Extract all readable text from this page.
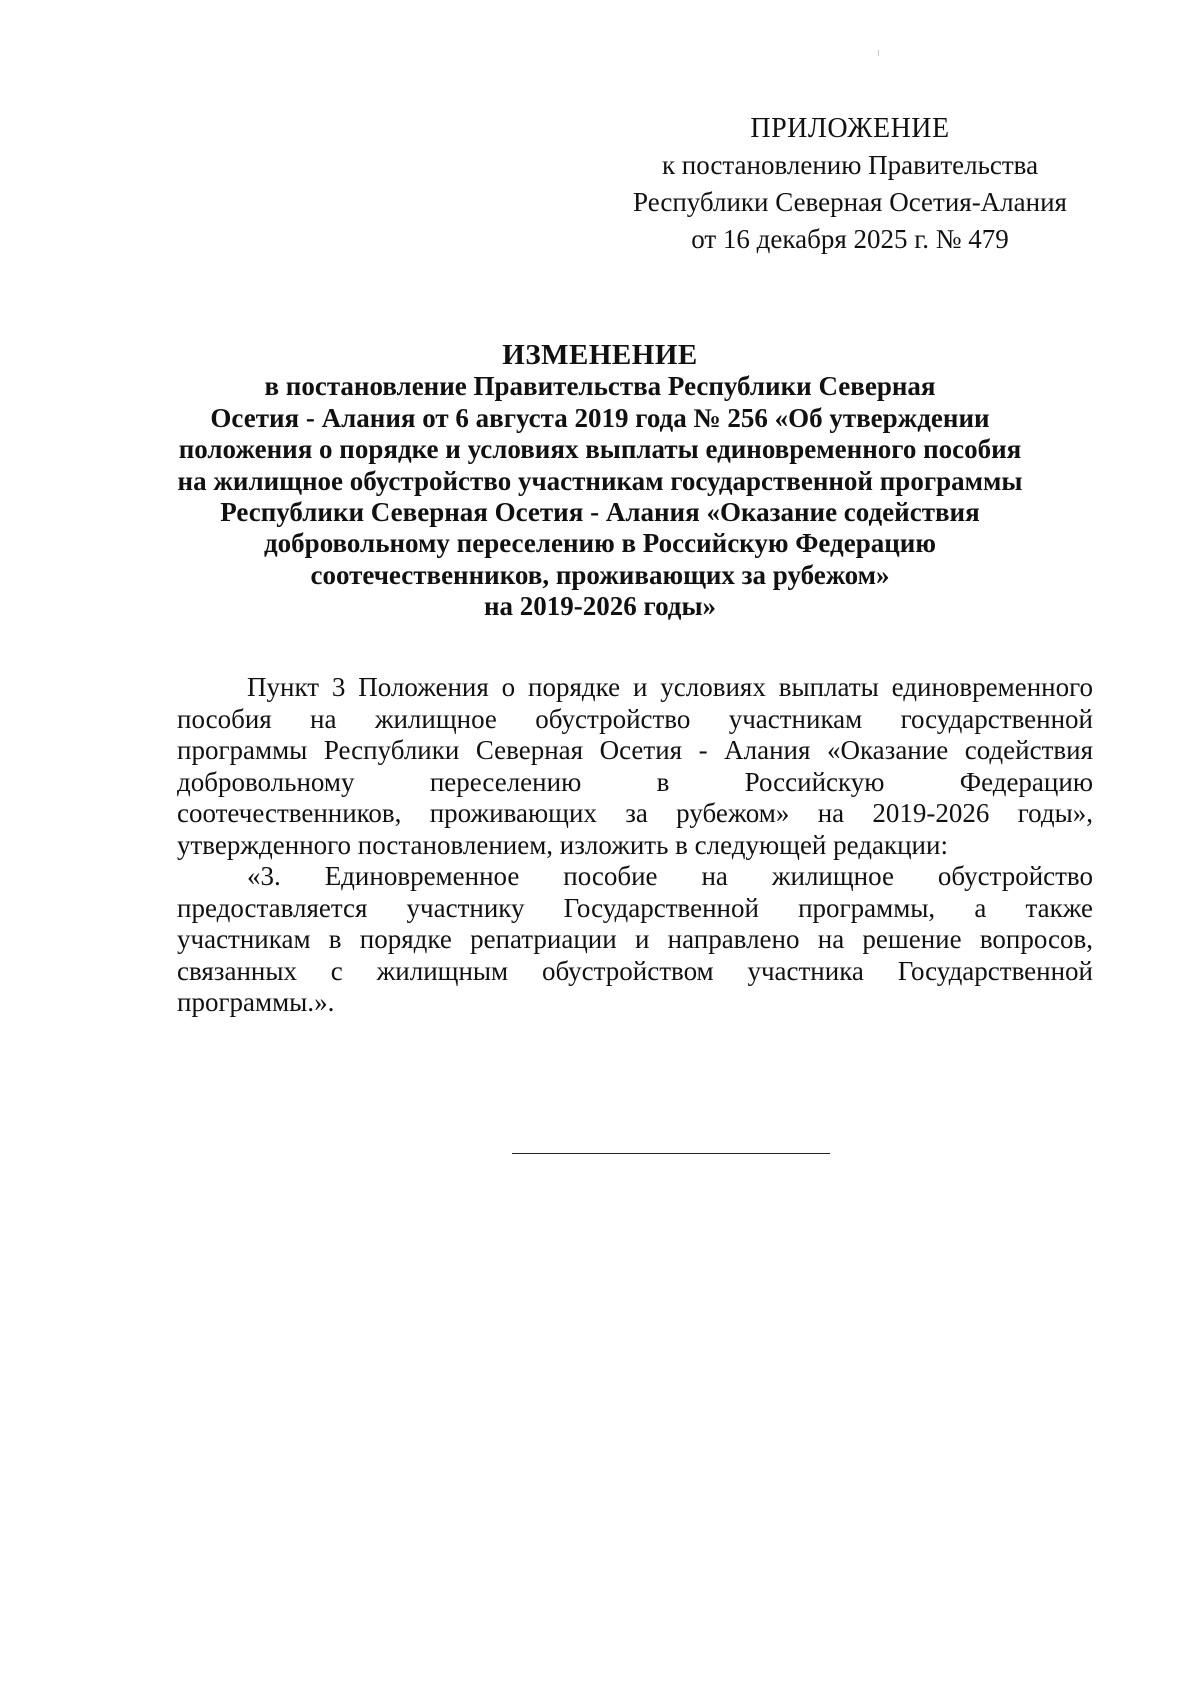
ПРИЛОЖЕНИЕ
к постановлению Правительства
Республики Северная Осетия-Алания
от 16 декабря 2025 г. № 479
ИЗМЕНЕНИЕ
в постановление Правительства Республики Северная
Осетия - Алания от 6 августа 2019 года № 256 «Об утверждении
положения о порядке и условиях выплаты единовременного пособия
на жилищное обустройство участникам государственной программы
Республики Северная Осетия - Алания «Оказание содействия
добровольному переселению в Российскую Федерацию
соотечественников, проживающих за рубежом»
на 2019-2026 годы»
Пункт 3 Положения о порядке и условиях выплаты единовременного
пособия на жилищное обустройство участникам государственной
программы Республики Северная Осетия - Алания «Оказание содействия
добровольному переселению в Российскую Федерацию
соотечественников, проживающих за рубежом» на 2019-2026 годы»,
утвержденного постановлением, изложить в следующей редакции:
«3. Единовременное пособие на жилищное обустройство
предоставляется участнику Государственной программы, а также
участникам в порядке репатриации и направлено на решение вопросов,
связанных с жилищным обустройством участника Государственной
программы.».
